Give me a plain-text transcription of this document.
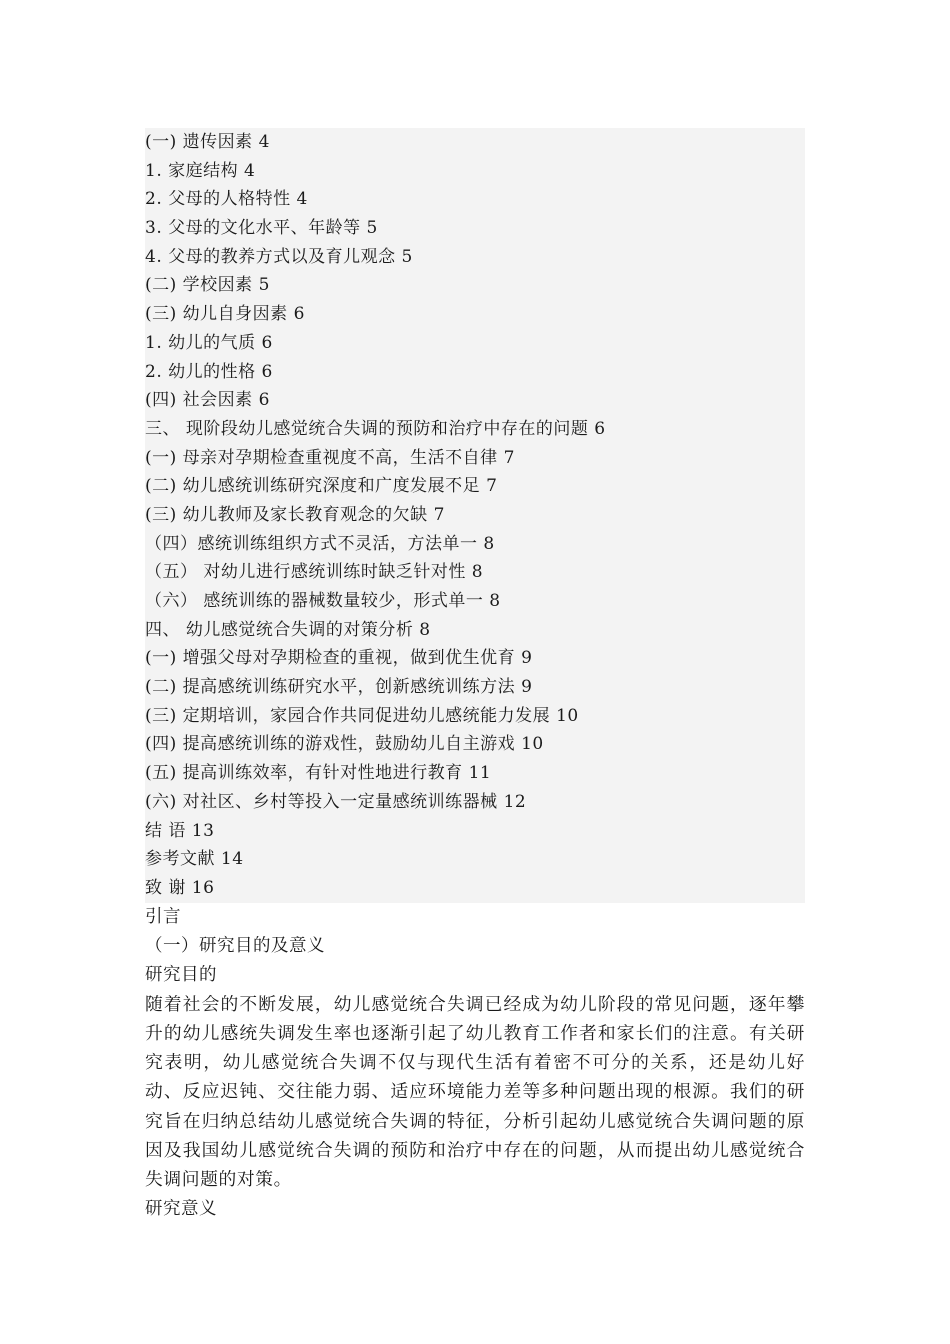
(一) 遗传因素 4
1. 家庭结构 4
2. 父母的人格特性 4
3. 父母的文化水平、年龄等 5
4. 父母的教养方式以及育儿观念 5
(二) 学校因素 5
(三) 幼儿自身因素 6
1. 幼儿的气质 6
2. 幼儿的性格 6
(四) 社会因素 6
三、 现阶段幼儿感觉统合失调的预防和治疗中存在的问题 6
(一) 母亲对孕期检查重视度不高，生活不自律 7
(二) 幼儿感统训练研究深度和广度发展不足 7
(三) 幼儿教师及家长教育观念的欠缺 7
（四）感统训练组织方式不灵活，方法单一 8
（五） 对幼儿进行感统训练时缺乏针对性 8
（六） 感统训练的器械数量较少，形式单一 8
四、 幼儿感觉统合失调的对策分析 8
(一) 增强父母对孕期检查的重视，做到优生优育 9
(二) 提高感统训练研究水平，创新感统训练方法 9
(三) 定期培训，家园合作共同促进幼儿感统能力发展 10
(四) 提高感统训练的游戏性，鼓励幼儿自主游戏 10
(五) 提高训练效率，有针对性地进行教育 11
(六) 对社区、乡村等投入一定量感统训练器械 12
结 语 13
参考文献 14
致 谢 16
引言
（一）研究目的及意义
研究目的

随着社会的不断发展，幼儿感觉统合失调已经成为幼儿阶段的常见问题，逐年攀升的幼儿感统失调发生率也逐渐引起了幼儿教育工作者和家长们的注意。有关研究表明，幼儿感觉统合失调不仅与现代生活有着密不可分的关系，还是幼儿好动、反应迟钝、交往能力弱、适应环境能力差等多种问题出现的根源。我们的研究旨在归纳总结幼儿感觉统合失调的特征，分析引起幼儿感觉统合失调问题的原因及我国幼儿感觉统合失调的预防和治疗中存在的问题，从而提出幼儿感觉统合失调问题的对策。

研究意义
